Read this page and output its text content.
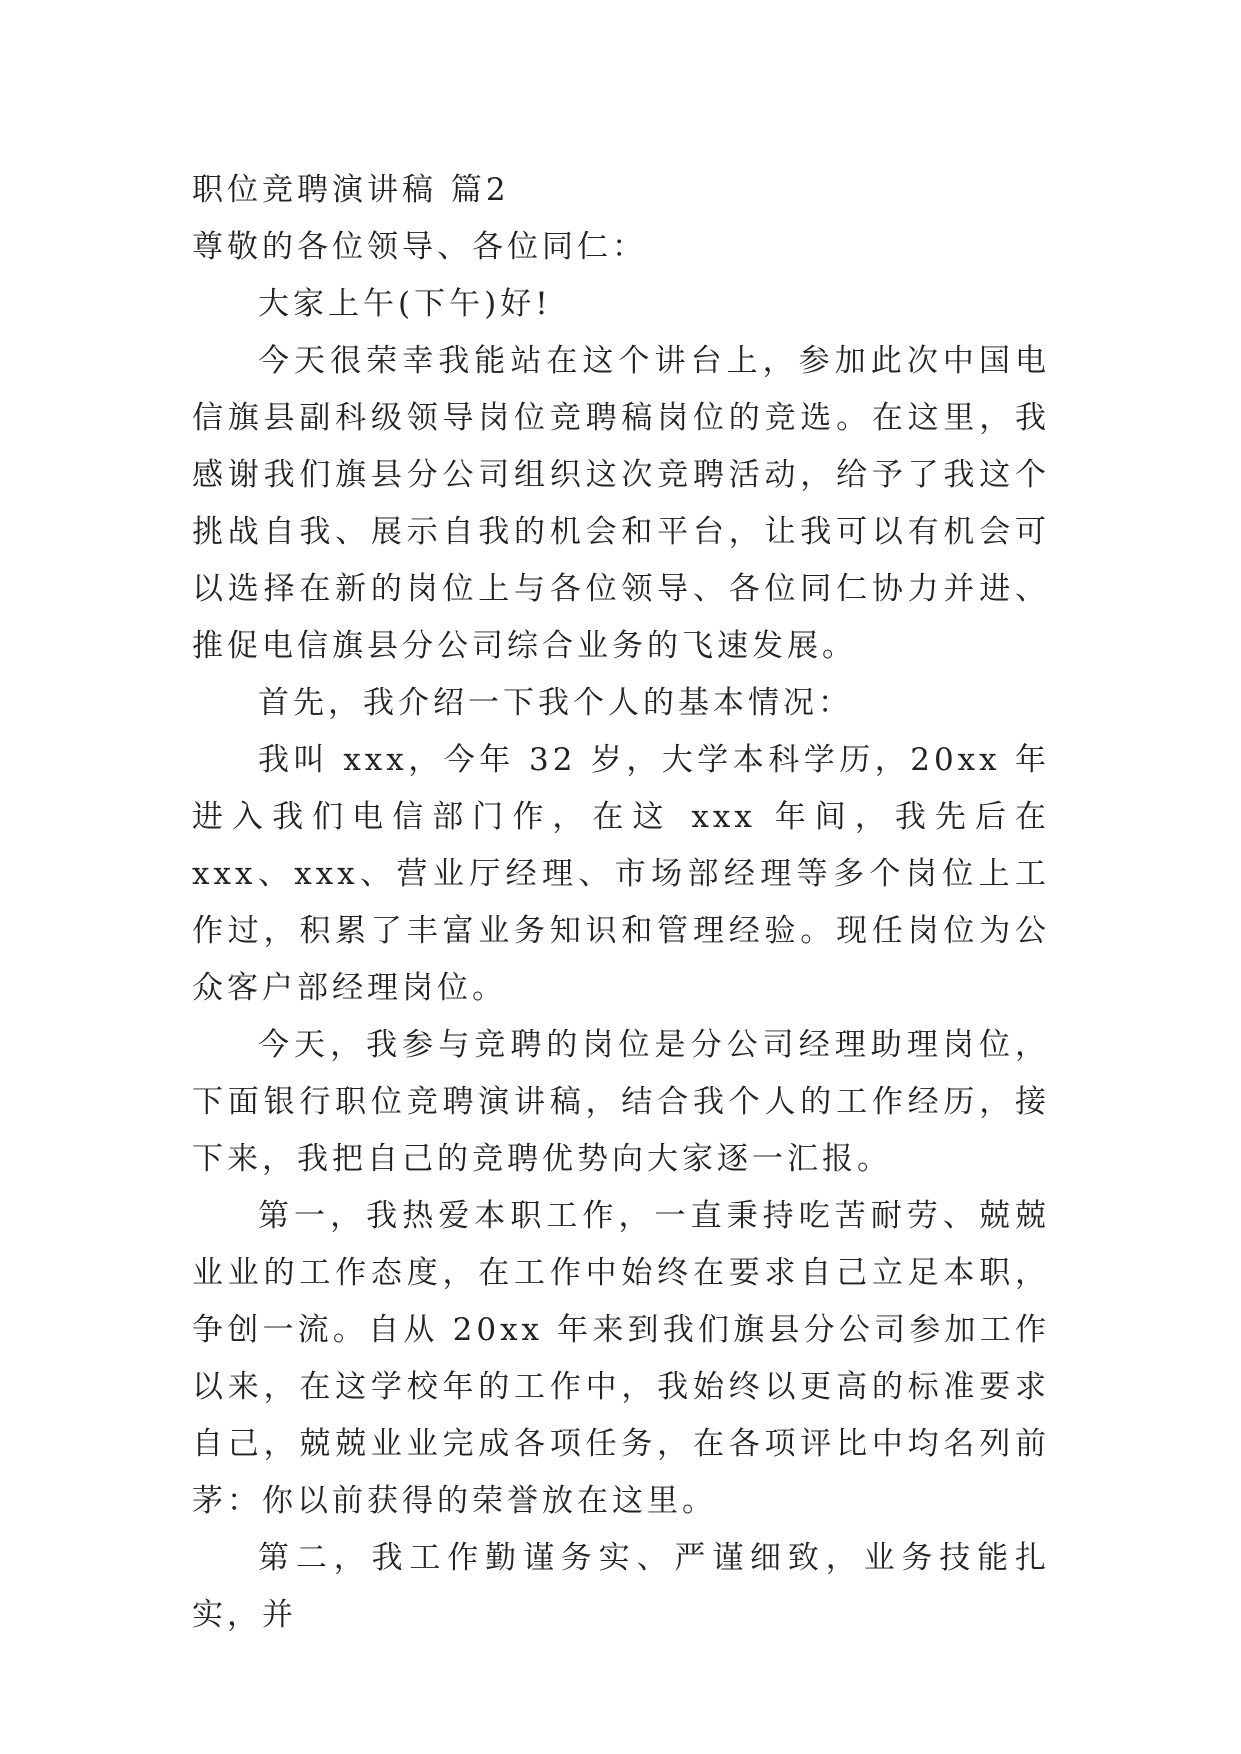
职位竞聘演讲稿 篇2
尊敬的各位领导、各位同仁：

大家上午(下午)好!

今天很荣幸我能站在这个讲台上，参加此次中国电信旗县副科级领导岗位竞聘稿岗位的竞选。在这里，我感谢我们旗县分公司组织这次竞聘活动，给予了我这个挑战自我、展示自我的机会和平台，让我可以有机会可以选择在新的岗位上与各位领导、各位同仁协力并进、推促电信旗县分公司综合业务的飞速发展。

首先，我介绍一下我个人的基本情况：

我叫 xxx，今年 32 岁，大学本科学历，20xx 年进入我们电信部门作，在这 xxx 年间，我先后在 xxx、xxx、营业厅经理、市场部经理等多个岗位上工作过，积累了丰富业务知识和管理经验。现任岗位为公众客户部经理岗位。

今天，我参与竞聘的岗位是分公司经理助理岗位，下面银行职位竞聘演讲稿，结合我个人的工作经历，接下来，我把自己的竞聘优势向大家逐一汇报。

第一，我热爱本职工作，一直秉持吃苦耐劳、兢兢业业的工作态度，在工作中始终在要求自己立足本职，争创一流。自从 20xx 年来到我们旗县分公司参加工作以来，在这学校年的工作中，我始终以更高的标准要求自己，兢兢业业完成各项任务，在各项评比中均名列前茅：你以前获得的荣誉放在这里。

第二，我工作勤谨务实、严谨细致，业务技能扎实，并
